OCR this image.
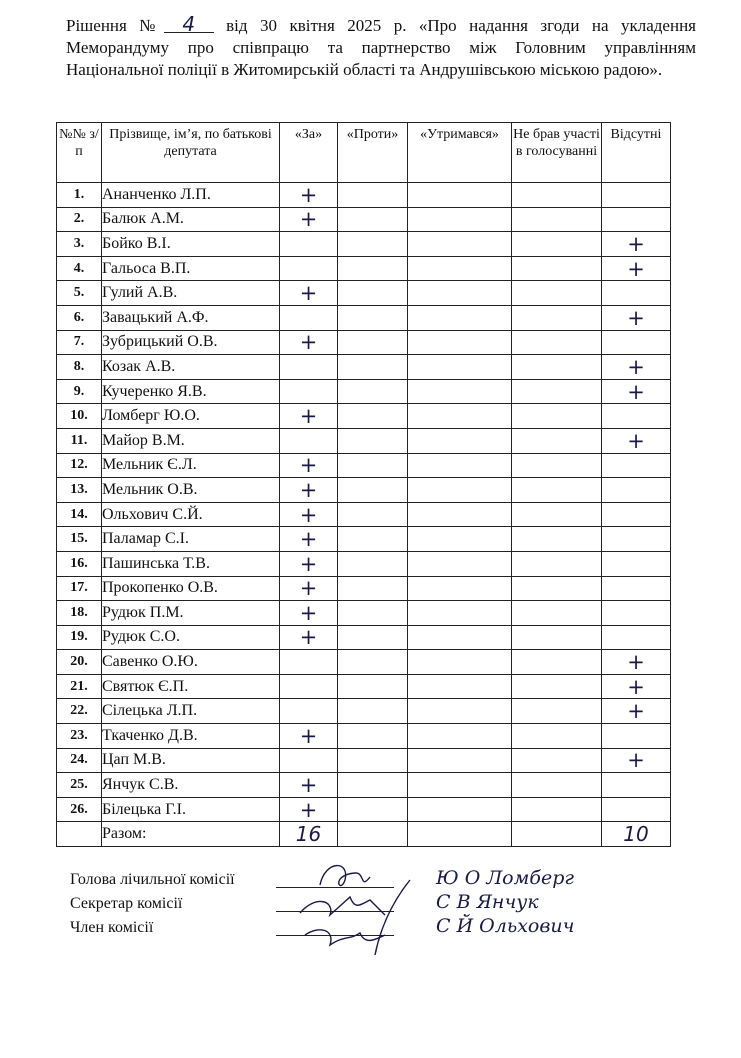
Рішення № 4 від 30 квітня 2025 р. «Про надання згоди на укладення Меморандуму про співпрацю та партнерство між Головним управлінням Національної поліції в Житомирській області та Андрушівською міською радою».
№№ з/п	Прізвище, ім’я, по батькові депутата	«За»	«Проти»	«Утримався»	Не брав участі в голосуванні	Відсутні
1.	Ананченко Л.П.	+				

2.	Балюк А.М.	+				

3.	Бойко В.І.					+

4.	Гальоса В.П.					+

5.	Гулий А.В.	+				

6.	Завацький А.Ф.					+

7.	Зубрицький О.В.	+				

8.	Козак А.В.					+

9.	Кучеренко Я.В.					+

10.	Ломберг Ю.О.	+				

11.	Майор В.М.					+

12.	Мельник Є.Л.	+				

13.	Мельник О.В.	+				

14.	Ольхович С.Й.	+				

15.	Паламар С.І.	+				

16.	Пашинська Т.В.	+				

17.	Прокопенко О.В.	+				

18.	Рудюк П.М.	+				

19.	Рудюк С.О.	+				

20.	Савенко О.Ю.					+

21.	Святюк Є.П.					+

22.	Сілецька Л.П.					+

23.	Ткаченко Д.В.	+				

24.	Цап М.В.					+

25.	Янчук С.В.	+				

26.	Білецька Г.І.	+				

	Разом:	16				10
Голова лічильної комісії
Секретар комісії
Член комісії
Ю О Ломберг
С В Янчук
С Й Ольхович
